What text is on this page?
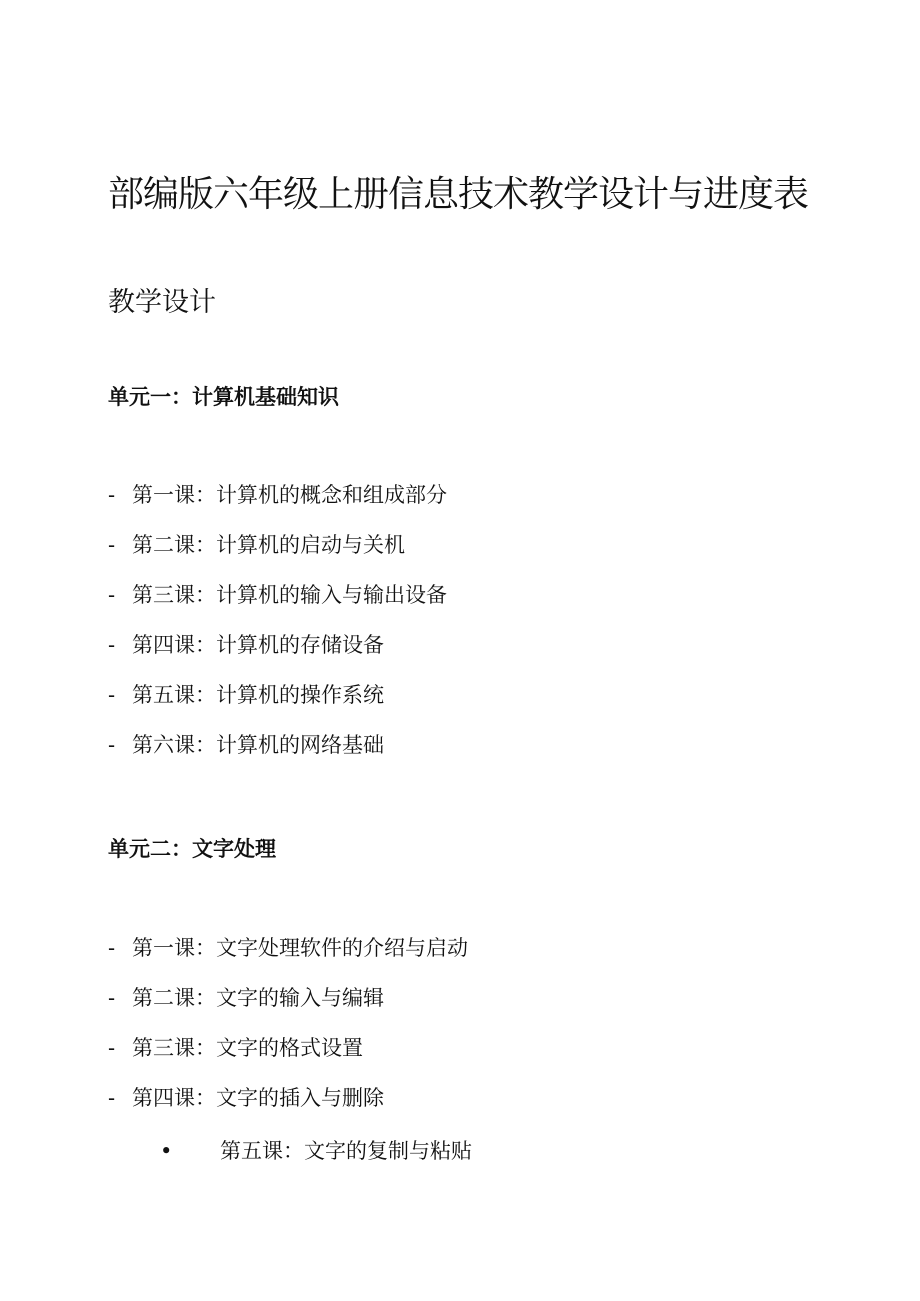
部编版六年级上册信息技术教学设计与进度表
教学设计
单元一：计算机基础知识
- 第一课：计算机的概念和组成部分
- 第二课：计算机的启动与关机
- 第三课：计算机的输入与输出设备
- 第四课：计算机的存储设备
- 第五课：计算机的操作系统
- 第六课：计算机的网络基础
单元二：文字处理
- 第一课：文字处理软件的介绍与启动
- 第二课：文字的输入与编辑
- 第三课：文字的格式设置
- 第四课：文字的插入与删除
• 第五课：文字的复制与粘贴
